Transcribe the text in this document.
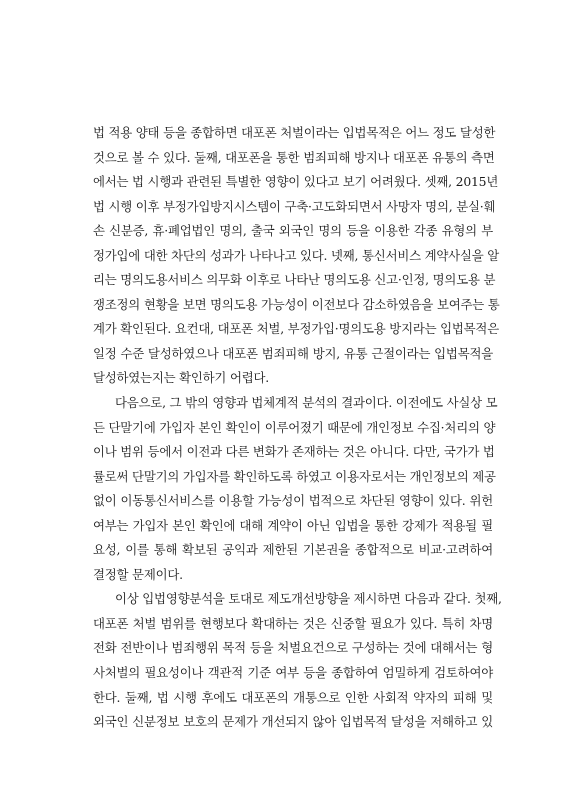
법 적용 양태 등을 종합하면 대포폰 처벌이라는 입법목적은 어느 정도 달성한
것으로 볼 수 있다. 둘째, 대포폰을 통한 범죄피해 방지나 대포폰 유통의 측면
에서는 법 시행과 관련된 특별한 영향이 있다고 보기 어려웠다. 셋째, 2015년
법 시행 이후 부정가입방지시스템이 구축·고도화되면서 사망자 명의, 분실·훼
손 신분증, 휴·폐업법인 명의, 출국 외국인 명의 등을 이용한 각종 유형의 부
정가입에 대한 차단의 성과가 나타나고 있다. 넷째, 통신서비스 계약사실을 알
리는 명의도용서비스 의무화 이후로 나타난 명의도용 신고·인정, 명의도용 분
쟁조정의 현황을 보면 명의도용 가능성이 이전보다 감소하였음을 보여주는 통
계가 확인된다. 요컨대, 대포폰 처벌, 부정가입·명의도용 방지라는 입법목적은
일정 수준 달성하였으나 대포폰 범죄피해 방지, 유통 근절이라는 입법목적을
달성하였는지는 확인하기 어렵다.
다음으로, 그 밖의 영향과 법체계적 분석의 결과이다. 이전에도 사실상 모
든 단말기에 가입자 본인 확인이 이루어졌기 때문에 개인정보 수집·처리의 양
이나 범위 등에서 이전과 다른 변화가 존재하는 것은 아니다. 다만, 국가가 법
률로써 단말기의 가입자를 확인하도록 하였고 이용자로서는 개인정보의 제공
없이 이동통신서비스를 이용할 가능성이 법적으로 차단된 영향이 있다. 위헌
여부는 가입자 본인 확인에 대해 계약이 아닌 입법을 통한 강제가 적용될 필
요성, 이를 통해 확보된 공익과 제한된 기본권을 종합적으로 비교·고려하여
결정할 문제이다.
이상 입법영향분석을 토대로 제도개선방향을 제시하면 다음과 같다. 첫째,
대포폰 처벌 범위를 현행보다 확대하는 것은 신중할 필요가 있다. 특히 차명
전화 전반이나 범죄행위 목적 등을 처벌요건으로 구성하는 것에 대해서는 형
사처벌의 필요성이나 객관적 기준 여부 등을 종합하여 엄밀하게 검토하여야
한다. 둘째, 법 시행 후에도 대포폰의 개통으로 인한 사회적 약자의 피해 및
외국인 신분정보 보호의 문제가 개선되지 않아 입법목적 달성을 저해하고 있
